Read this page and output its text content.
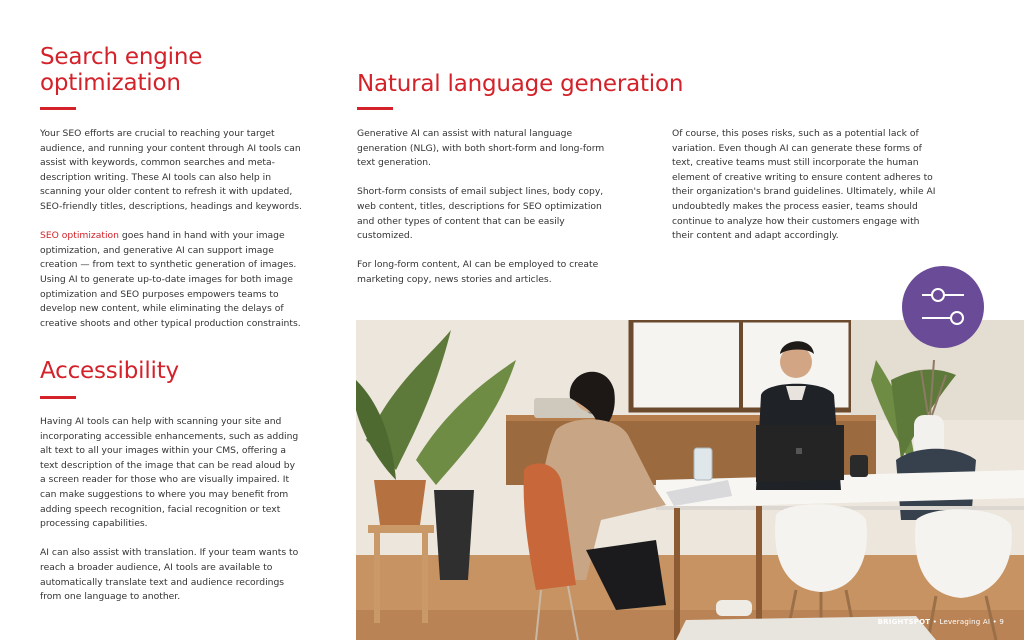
Search engine optimization

Your SEO efforts are crucial to reaching your target audience, and running your content through AI tools can assist with keywords, common searches and meta-description writing. These AI tools can also help in scanning your older content to refresh it with updated, SEO-friendly titles, descriptions, headings and keywords.

SEO optimization goes hand in hand with your image optimization, and generative AI can support image creation — from text to synthetic generation of images. Using AI to generate up-to-date images for both image optimization and SEO purposes empowers teams to develop new content, while eliminating the delays of creative shoots and other typical production constraints.

Accessibility

Having AI tools can help with scanning your site and incorporating accessible enhancements, such as adding alt text to all your images within your CMS, offering a text description of the image that can be read aloud by a screen reader for those who are visually impaired. It can make suggestions to where you may benefit from adding speech recognition, facial recognition or text processing capabilities.

AI can also assist with translation. If your team wants to reach a broader audience, AI tools are available to automatically translate text and audience recordings from one language to another.

Natural language generation

Generative AI can assist with natural language generation (NLG), with both short-form and long-form text generation.

Short-form consists of email subject lines, body copy, web content, titles, descriptions for SEO optimization and other types of content that can be easily customized.

For long-form content, AI can be employed to create marketing copy, news stories and articles.

Of course, this poses risks, such as a potential lack of variation. Even though AI can generate these forms of text, creative teams must still incorporate the human element of creative writing to ensure content adheres to their organization's brand guidelines. Ultimately, while AI undoubtedly makes the process easier, teams should continue to analyze how their customers engage with their content and adapt accordingly.

BRIGHTSPOT • Leveraging AI • 9
